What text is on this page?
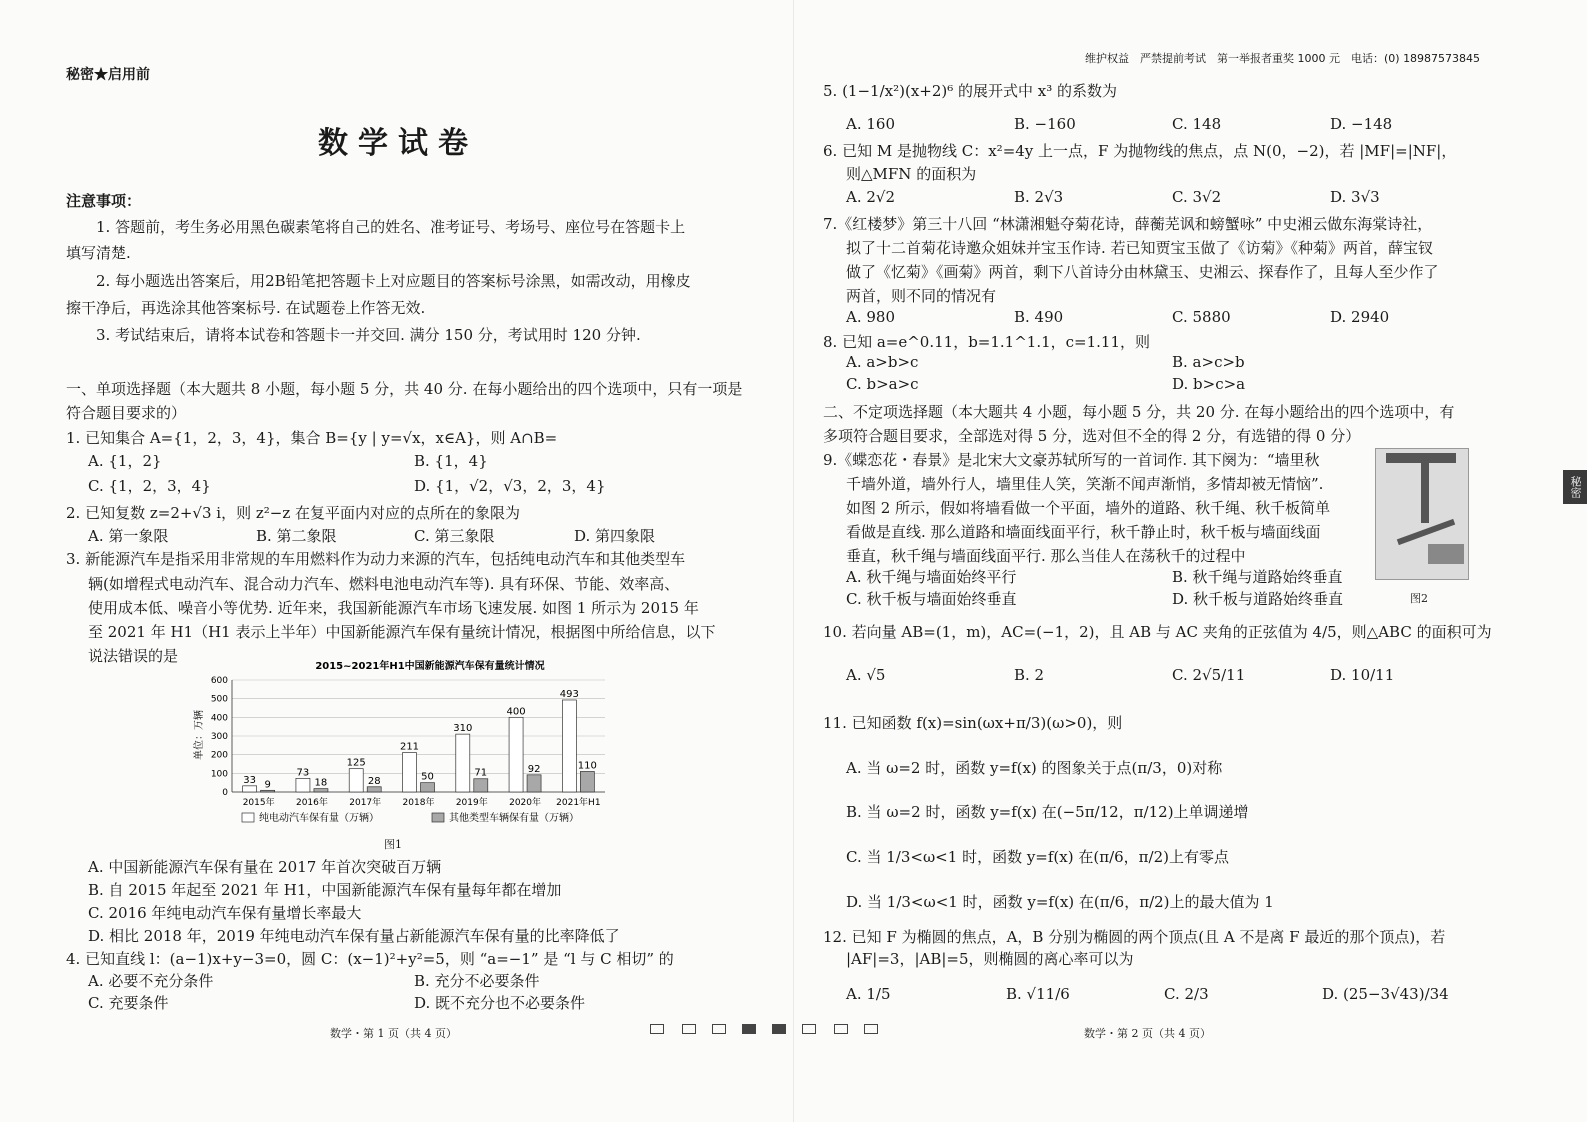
秘密★启用前
数学试卷
注意事项：
1. 答题前，考生务必用黑色碳素笔将自己的姓名、准考证号、考场号、座位号在答题卡上
填写清楚.
2. 每小题选出答案后，用2B铅笔把答题卡上对应题目的答案标号涂黑，如需改动，用橡皮
擦干净后，再选涂其他答案标号. 在试题卷上作答无效.
3. 考试结束后，请将本试卷和答题卡一并交回. 满分 150 分，考试用时 120 分钟.
一、单项选择题（本大题共 8 小题，每小题 5 分，共 40 分. 在每小题给出的四个选项中，只有一项是
符合题目要求的）
1. 已知集合 A={1，2，3，4}，集合 B={y | y=√x，x∈A}，则 A∩B=
A. {1，2}	B. {1，4}
C. {1，2，3，4}	D. {1，√2，√3，2，3，4}
2. 已知复数 z=2+√3 i，则 z²−z 在复平面内对应的点所在的象限为
A. 第一象限	B. 第二象限	C. 第三象限	D. 第四象限
3. 新能源汽车是指采用非常规的车用燃料作为动力来源的汽车，包括纯电动汽车和其他类型车
辆(如增程式电动汽车、混合动力汽车、燃料电池电动汽车等). 具有环保、节能、效率高、
使用成本低、噪音小等优势. 近年来，我国新能源汽车市场飞速发展. 如图 1 所示为 2015 年
至 2021 年 H1（H1 表示上半年）中国新能源汽车保有量统计情况，根据图中所给信息，以下
说法错误的是
2015~2021年H1中国新能源汽车保有量统计情况
单位：万辆
0
100
200
300
400
500
600
2015年 2016年 2017年 2018年 2019年 2020年 2021年H1
33 9
73
18
125
28
211
50
310
71
400
92
493
110
纯电动汽车保有量（万辆）	其他类型车辆保有量（万辆）
图1
A. 中国新能源汽车保有量在 2017 年首次突破百万辆
B. 自 2015 年起至 2021 年 H1，中国新能源汽车保有量每年都在增加
C. 2016 年纯电动汽车保有量增长率最大
D. 相比 2018 年，2019 年纯电动汽车保有量占新能源汽车保有量的比率降低了
4. 已知直线 l：(a−1)x+y−3=0，圆 C：(x−1)²+y²=5，则 “a=−1” 是 “l 与 C 相切” 的
A. 必要不充分条件	B. 充分不必要条件
C. 充要条件	D. 既不充分也不必要条件
数学・第 1 页（共 4 页）
维护权益　严禁提前考试　第一举报者重奖 1000 元　电话：(0) 18987573845
5. (1−1/x²)(x+2)⁶ 的展开式中 x³ 的系数为
A. 160	B. −160	C. 148	D. −148
6. 已知 M 是抛物线 C：x²=4y 上一点，F 为抛物线的焦点，点 N(0，−2)，若 |MF|=|NF|，
则△MFN 的面积为
A. 2√2	B. 2√3	C. 3√2	D. 3√3
7.《红楼梦》第三十八回 “林潇湘魁夺菊花诗，薛蘅芜讽和螃蟹咏” 中史湘云做东海棠诗社，
拟了十二首菊花诗邀众姐妹并宝玉作诗. 若已知贾宝玉做了《访菊》《种菊》两首，薛宝钗
做了《忆菊》《画菊》两首，剩下八首诗分由林黛玉、史湘云、探春作了，且每人至少作了
两首，则不同的情况有
A. 980	B. 490	C. 5880	D. 2940
8. 已知 a=e^0.11，b=1.1^1.1，c=1.11，则
A. a>b>c	B. a>c>b
C. b>a>c	D. b>c>a
二、不定项选择题（本大题共 4 小题，每小题 5 分，共 20 分. 在每小题给出的四个选项中，有
多项符合题目要求，全部选对得 5 分，选对但不全的得 2 分，有选错的得 0 分）
9.《蝶恋花・春景》是北宋大文豪苏轼所写的一首词作. 其下阕为：“墙里秋
千墙外道，墙外行人，墙里佳人笑，笑渐不闻声渐悄，多情却被无情恼”.
如图 2 所示，假如将墙看做一个平面，墙外的道路、秋千绳、秋千板简单
看做是直线. 那么道路和墙面线面平行，秋千静止时，秋千板与墙面线面
垂直，秋千绳与墙面线面平行. 那么当佳人在荡秋千的过程中
A. 秋千绳与墙面始终平行	B. 秋千绳与道路始终垂直
C. 秋千板与墙面始终垂直	D. 秋千板与道路始终垂直	图2
秘密
10. 若向量 AB=(1，m)，AC=(−1，2)，且 AB 与 AC 夹角的正弦值为 4/5，则△ABC 的面积可为
A. √5	B. 2	C. 2√5/11	D. 10/11
11. 已知函数 f(x)=sin(ωx+π/3)(ω>0)，则
A. 当 ω=2 时，函数 y=f(x) 的图象关于点(π/3，0)对称
B. 当 ω=2 时，函数 y=f(x) 在(−5π/12，π/12)上单调递增
C. 当 1/3<ω<1 时，函数 y=f(x) 在(π/6，π/2)上有零点
D. 当 1/3<ω<1 时，函数 y=f(x) 在(π/6，π/2)上的最大值为 1
12. 已知 F 为椭圆的焦点，A，B 分别为椭圆的两个顶点(且 A 不是离 F 最近的那个顶点)，若
|AF|=3，|AB|=5，则椭圆的离心率可以为
A. 1/5	B. √11/6	C. 2/3	D. (25−3√43)/34
数学・第 2 页（共 4 页）
